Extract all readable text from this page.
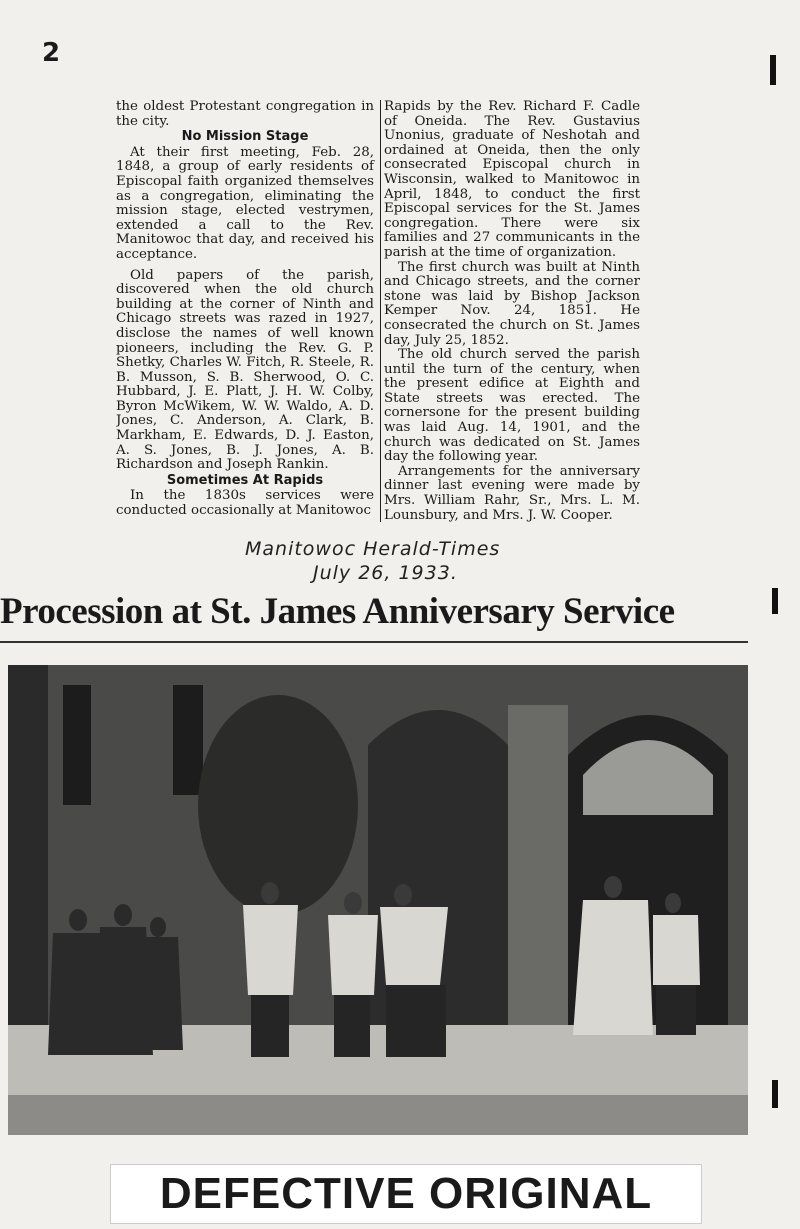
2

the oldest Protestant congregation in the city.

No Mission Stage

At their first meeting, Feb. 28, 1848, a group of early residents of Episcopal faith organized themselves as a congregation, eliminating the mission stage, elected vestrymen, extended a call to the Rev. Manitowoc that day, and received his acceptance.

Old papers of the parish, discovered when the old church building at the corner of Ninth and Chicago streets was razed in 1927, disclose the names of well known pioneers, including the Rev. G. P. Shetky, Charles W. Fitch, R. Steele, R. B. Musson, S. B. Sherwood, O. C. Hubbard, J. E. Platt, J. H. W. Colby, Byron McWikem, W. W. Waldo, A. D. Jones, C. Anderson, A. Clark, B. Markham, E. Edwards, D. J. Easton, A. S. Jones, B. J. Jones, A. B. Richardson and Joseph Rankin.

Sometimes At Rapids

In the 1830s services were conducted occasionally at Manitowoc

Rapids by the Rev. Richard F. Cadle of Oneida. The Rev. Gustavius Unonius, graduate of Neshotah and ordained at Oneida, then the only consecrated Episcopal church in Wisconsin, walked to Manitowoc in April, 1848, to conduct the first Episcopal services for the St. James congregation. There were six families and 27 communicants in the parish at the time of organization.

The first church was built at Ninth and Chicago streets, and the corner stone was laid by Bishop Jackson Kemper Nov. 24, 1851. He consecrated the church on St. James day, July 25, 1852.

The old church served the parish until the turn of the century, when the present edifice at Eighth and State streets was erected. The cornersone for the present building was laid Aug. 14, 1901, and the church was dedicated on St. James day the following year.

Arrangements for the anniversary dinner last evening were made by Mrs. William Rahr, Sr., Mrs. L. M. Lounsbury, and Mrs. J. W. Cooper.

Manitowoc Herald-Times
July 26, 1933.
Procession at St. James Anniversary Service
DEFECTIVE ORIGINAL
